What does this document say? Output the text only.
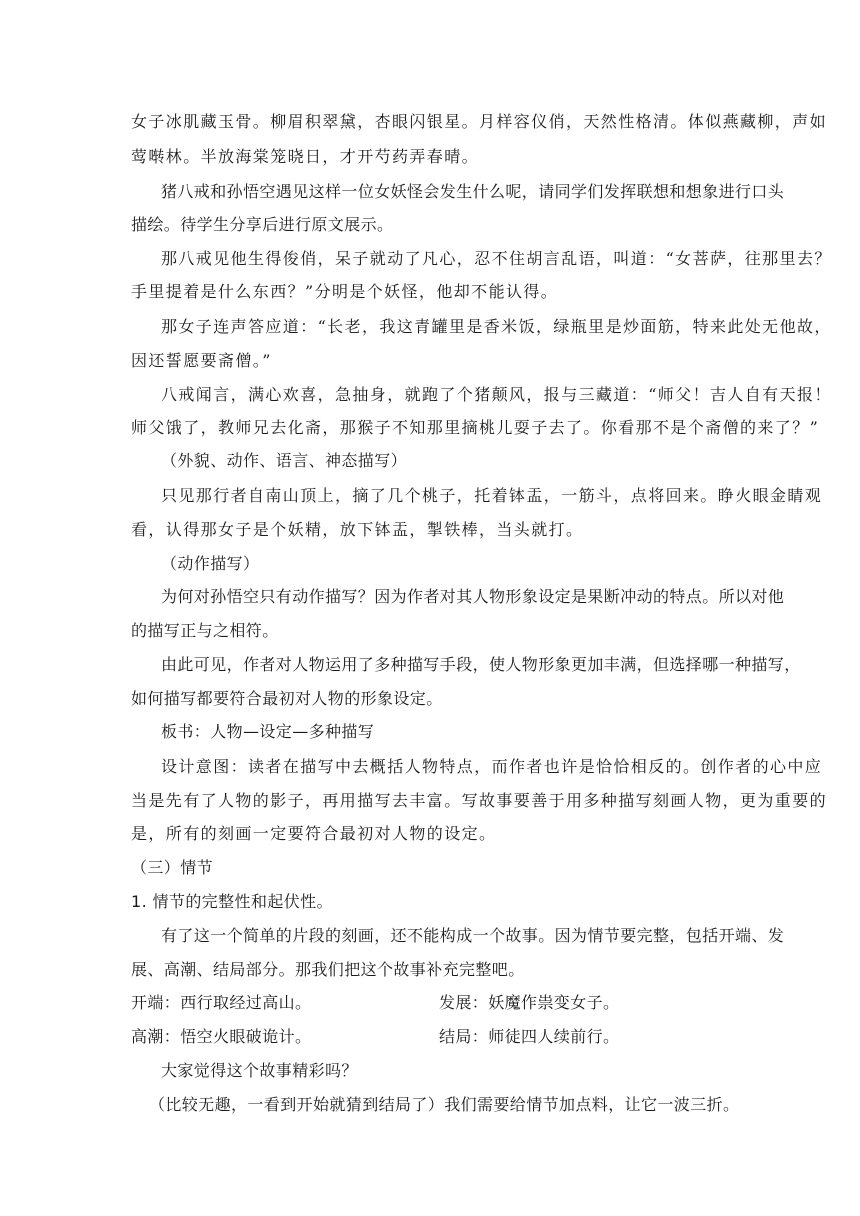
女子冰肌藏玉骨。柳眉积翠黛，杏眼闪银星。月样容仪俏，天然性格清。体似燕藏柳，声如
莺啭林。半放海棠笼晓日，才开芍药弄春晴。
猪八戒和孙悟空遇见这样一位女妖怪会发生什么呢，请同学们发挥联想和想象进行口头
描绘。待学生分享后进行原文展示。
那八戒见他生得俊俏，呆子就动了凡心，忍不住胡言乱语，叫道：“女菩萨，往那里去？
手里提着是什么东西？”分明是个妖怪，他却不能认得。
那女子连声答应道：“长老，我这青罐里是香米饭，绿瓶里是炒面筋，特来此处无他故，
因还誓愿要斋僧。”
八戒闻言，满心欢喜，急抽身，就跑了个猪颠风，报与三藏道：“师父！吉人自有天报！
师父饿了，教师兄去化斋，那猴子不知那里摘桃儿耍子去了。你看那不是个斋僧的来了？”
（外貌、动作、语言、神态描写）
只见那行者自南山顶上，摘了几个桃子，托着钵盂，一筋斗，点将回来。睁火眼金睛观
看，认得那女子是个妖精，放下钵盂，掣铁棒，当头就打。
（动作描写）
为何对孙悟空只有动作描写？因为作者对其人物形象设定是果断冲动的特点。所以对他
的描写正与之相符。
由此可见，作者对人物运用了多种描写手段，使人物形象更加丰满，但选择哪一种描写，
如何描写都要符合最初对人物的形象设定。
板书：人物—设定—多种描写
设计意图：读者在描写中去概括人物特点，而作者也许是恰恰相反的。创作者的心中应
当是先有了人物的影子，再用描写去丰富。写故事要善于用多种描写刻画人物，更为重要的
是，所有的刻画一定要符合最初对人物的设定。
（三）情节
1. 情节的完整性和起伏性。
有了这一个简单的片段的刻画，还不能构成一个故事。因为情节要完整，包括开端、发
展、高潮、结局部分。那我们把这个故事补充完整吧。
开端：西行取经过高山。	发展：妖魔作祟变女子。
高潮：悟空火眼破诡计。	结局：师徒四人续前行。
大家觉得这个故事精彩吗？
（比较无趣，一看到开始就猜到结局了）我们需要给情节加点料，让它一波三折。
